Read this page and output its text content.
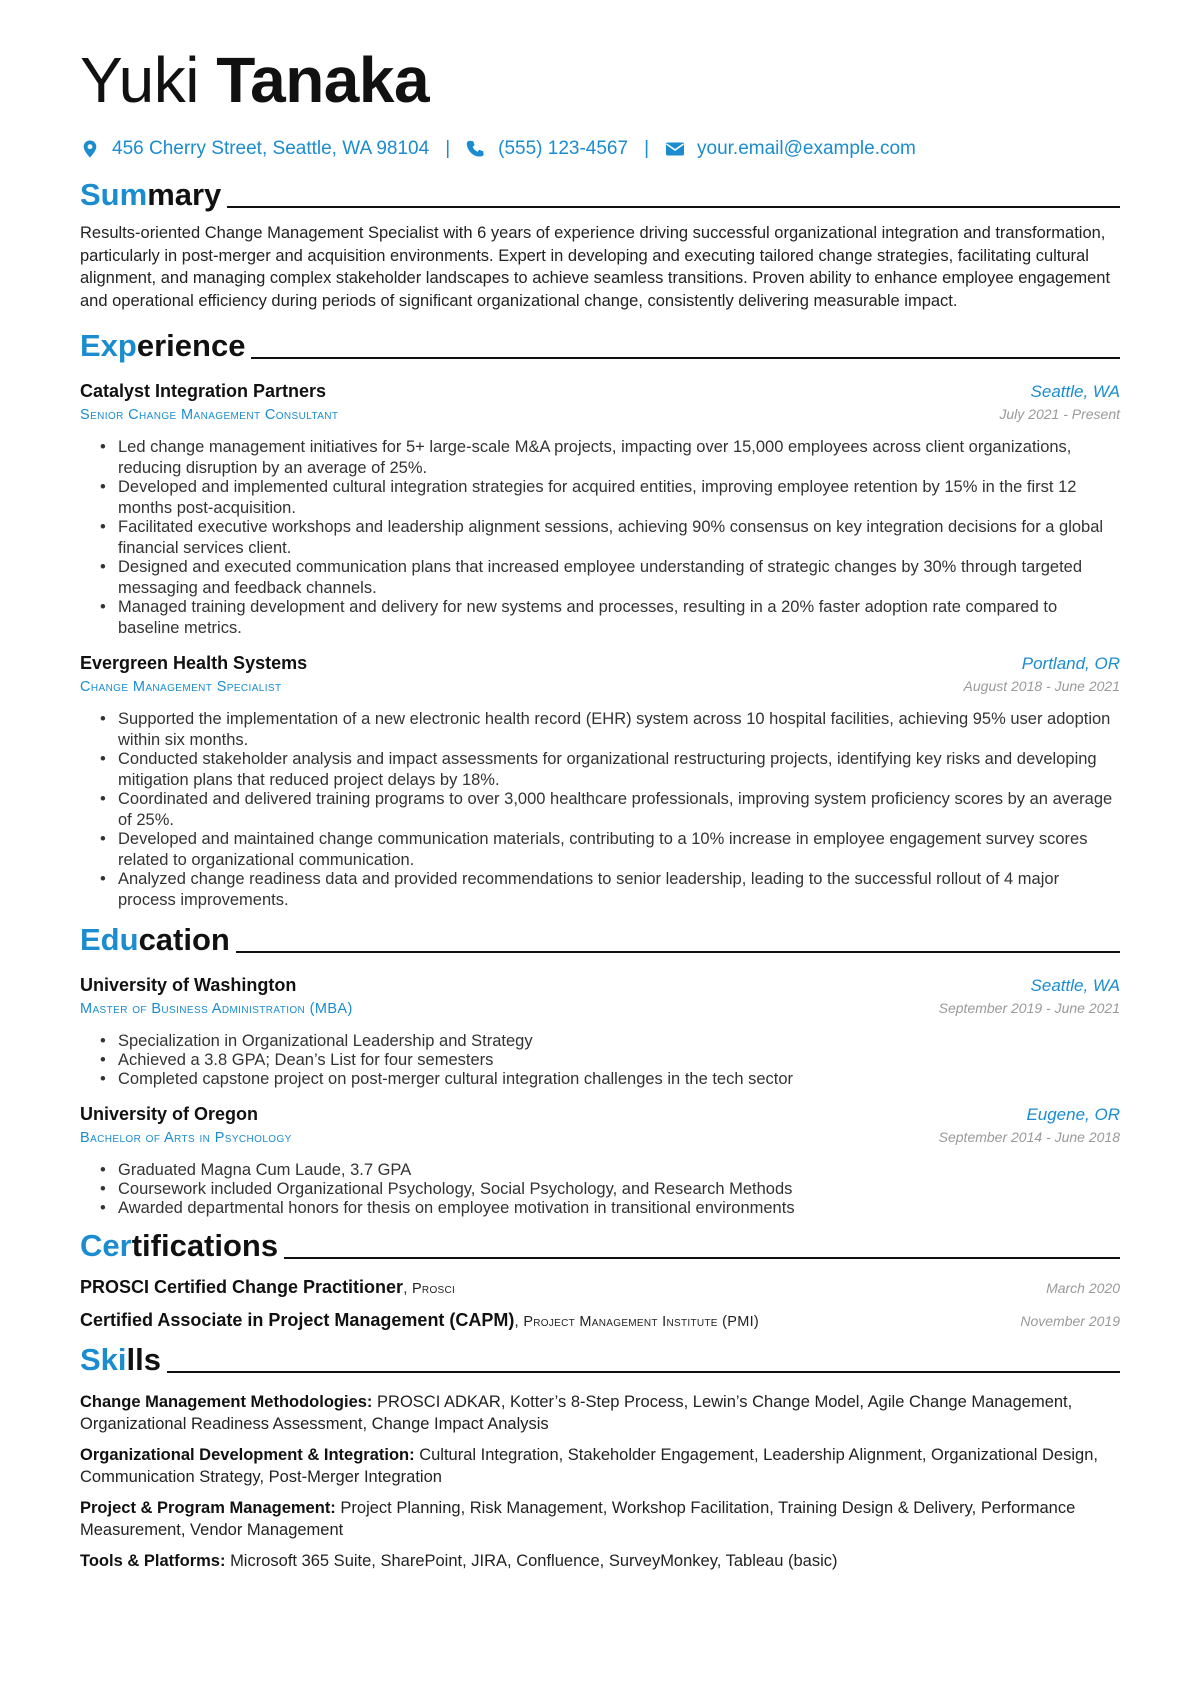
Yuki Tanaka
456 Cherry Street, Seattle, WA 98104 |	(555) 123-4567 |	your.email@example.com
Summary

Results-oriented Change Management Specialist with 6 years of experience driving successful organizational integration and transformation, particularly in post-merger and acquisition environments. Expert in developing and executing tailored change strategies, facilitating cultural alignment, and managing complex stakeholder landscapes to achieve seamless transitions. Proven ability to enhance employee engagement and operational efficiency during periods of significant organizational change, consistently delivering measurable impact.

Experience
Catalyst Integration Partners	Seattle, WA
Senior Change Management Consultant	July 2021 - Present
• Led change management initiatives for 5+ large-scale M&A projects, impacting over 15,000 employees across client organizations, reducing disruption by an average of 25%.
• Developed and implemented cultural integration strategies for acquired entities, improving employee retention by 15% in the first 12 months post-acquisition.
• Facilitated executive workshops and leadership alignment sessions, achieving 90% consensus on key integration decisions for a global financial services client.
• Designed and executed communication plans that increased employee understanding of strategic changes by 30% through targeted messaging and feedback channels.
• Managed training development and delivery for new systems and processes, resulting in a 20% faster adoption rate compared to baseline metrics.
Evergreen Health Systems	Portland, OR
Change Management Specialist	August 2018 - June 2021
• Supported the implementation of a new electronic health record (EHR) system across 10 hospital facilities, achieving 95% user adoption within six months.
• Conducted stakeholder analysis and impact assessments for organizational restructuring projects, identifying key risks and developing mitigation plans that reduced project delays by 18%.
• Coordinated and delivered training programs to over 3,000 healthcare professionals, improving system proficiency scores by an average of 25%.
• Developed and maintained change communication materials, contributing to a 10% increase in employee engagement survey scores related to organizational communication.
• Analyzed change readiness data and provided recommendations to senior leadership, leading to the successful rollout of 4 major process improvements.
Education
University of Washington	Seattle, WA
Master of Business Administration (MBA)	September 2019 - June 2021
• Specialization in Organizational Leadership and Strategy
• Achieved a 3.8 GPA; Dean’s List for four semesters
• Completed capstone project on post-merger cultural integration challenges in the tech sector
University of Oregon	Eugene, OR
Bachelor of Arts in Psychology	September 2014 - June 2018
• Graduated Magna Cum Laude, 3.7 GPA
• Coursework included Organizational Psychology, Social Psychology, and Research Methods
• Awarded departmental honors for thesis on employee motivation in transitional environments
Certifications
PROSCI Certified Change Practitioner, Prosci	March 2020
Certified Associate in Project Management (CAPM), Project Management Institute (PMI)	November 2019
Skills
Change Management Methodologies: PROSCI ADKAR, Kotter’s 8-Step Process, Lewin’s Change Model, Agile Change Management, Organizational Readiness Assessment, Change Impact Analysis
Organizational Development & Integration: Cultural Integration, Stakeholder Engagement, Leadership Alignment, Organizational Design, Communication Strategy, Post-Merger Integration
Project & Program Management: Project Planning, Risk Management, Workshop Facilitation, Training Design & Delivery, Performance Measurement, Vendor Management
Tools & Platforms: Microsoft 365 Suite, SharePoint, JIRA, Confluence, SurveyMonkey, Tableau (basic)
